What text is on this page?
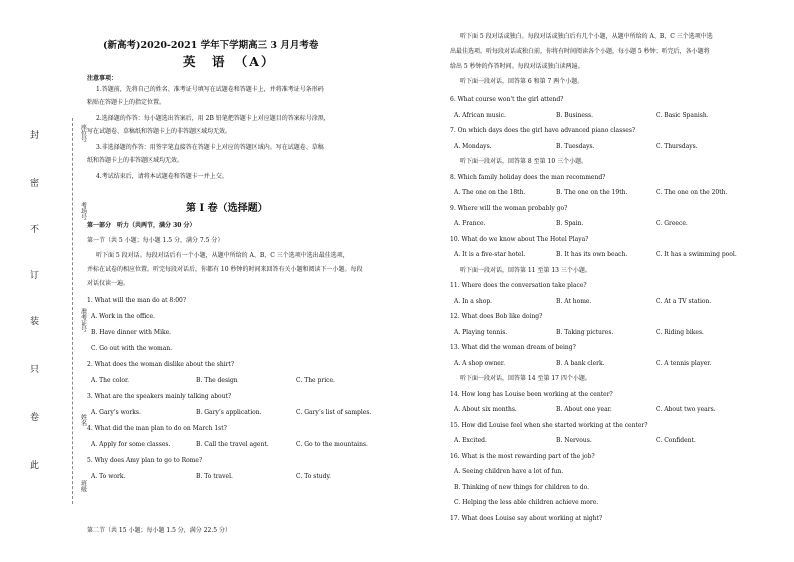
封
密
不
订
装
只
卷
此
座位号
考场号
准考证号
姓名
班级
(新高考)2020-2021 学年下学期高三 3 月月考卷
英　语　（A）
注意事项：
第 I 卷（选择题）
1.答题前，先将自己的姓名、准考证号填写在试题卷和答题卡上，并将准考证号条形码
粘贴在答题卡上的指定位置。
2.选择题的作答：每小题选出答案后，用 2B 铅笔把答题卡上对应题目的答案标号涂黑，
写在试题卷、草稿纸和答题卡上的非答题区域均无效。
3.非选择题的作答：用签字笔直接答在答题卡上对应的答题区域内。写在试题卷、草稿
纸和答题卡上的非答题区域均无效。
4.考试结束后，请将本试题卷和答题卡一并上交。
第一部分　听力（共两节，满分 30 分）
第一节（共 5 小题；每小题 1.5 分，满分 7.5 分）
听下面 5 段对话。每段对话后有一个小题，从题中所给的 A、B、C 三个选项中选出最佳选项，
并标在试卷的相应位置。听完每段对话后，你都有 10 秒钟的时间来回答有关小题和阅读下一小题。每段
对话仅读一遍。
1. What will the man do at 8:00?
A. Work in the office.
B. Have dinner with Mike.
C. Go out with the woman.
2. What does the woman dislike about the shirt?
A. The color.	B. The design	C. The price.
3. What are the speakers mainly talking about?
A. Gary’s works.	B. Gary’s application.	C. Gary’s list of samples.
4. What did the man plan to do on March 1st?
A. Apply for some classes.	B. Call the travel agent.	C. Go to the mountains.
5. Why does Amy plan to go to Rome?
A. To work.	B. To travel.	C. To study.
第二节（共 15 小题；每小题 1.5 分，满分 22.5 分）
听下面 5 段对话或独白。每段对话或独白后有几个小题，从题中所给的 A、B、C 三个选项中选
出最佳选项。听每段对话或独白前，你将有时间阅读各个小题，每小题 5 秒钟；听完后，各小题将
给出 5 秒钟的作答时间。每段对话或独白读两遍。
听下面一段对话，回答第 6 和第 7 两个小题。
6. What course won't the girl attend?
A. African music.	B. Business.	C. Basic Spanish.
7. On which days does the girl have advanced piano classes?
A. Mondays.	B. Tuesdays.	C. Thursdays.
听下面一段对话，回答第 8 至第 10 三个小题。
8. Which family holiday does the man recommend?
A. The one on the 18th.	B. The one on the 19th.	C. The one on the 20th.
9. Where will the woman probably go?
A. France.	B. Spain.	C. Greece.
10. What do we know about The Hotel Playa?
A. It is a five-star hotel.	B. It has its own beach.	C. It has a swimming pool.
听下面一段对话，回答第 11 至第 13 三个小题。
11. Where does the conversation take place?
A. In a shop.	B. At home.	C. At a TV station.
12. What does Bob like doing?
A. Playing tennis.	B. Taking pictures.	C. Riding bikes.
13. What did the woman dream of being?
A. A shop owner.	B. A bank clerk.	C. A tennis player.
听下面一段对话，回答第 14 至第 17 四个小题。
14. How long has Louise been working at the center?
A. About six months.	B. About one year.	C. About two years.
15. How did Louise feel when she started working at the center?
A. Excited.	B. Nervous.	C. Confident.
16. What is the most rewarding part of the job?
A. Seeing children have a lot of fun.
B. Thinking of new things for children to do.
C. Helping the less able children achieve more.
17. What does Louise say about working at night?
